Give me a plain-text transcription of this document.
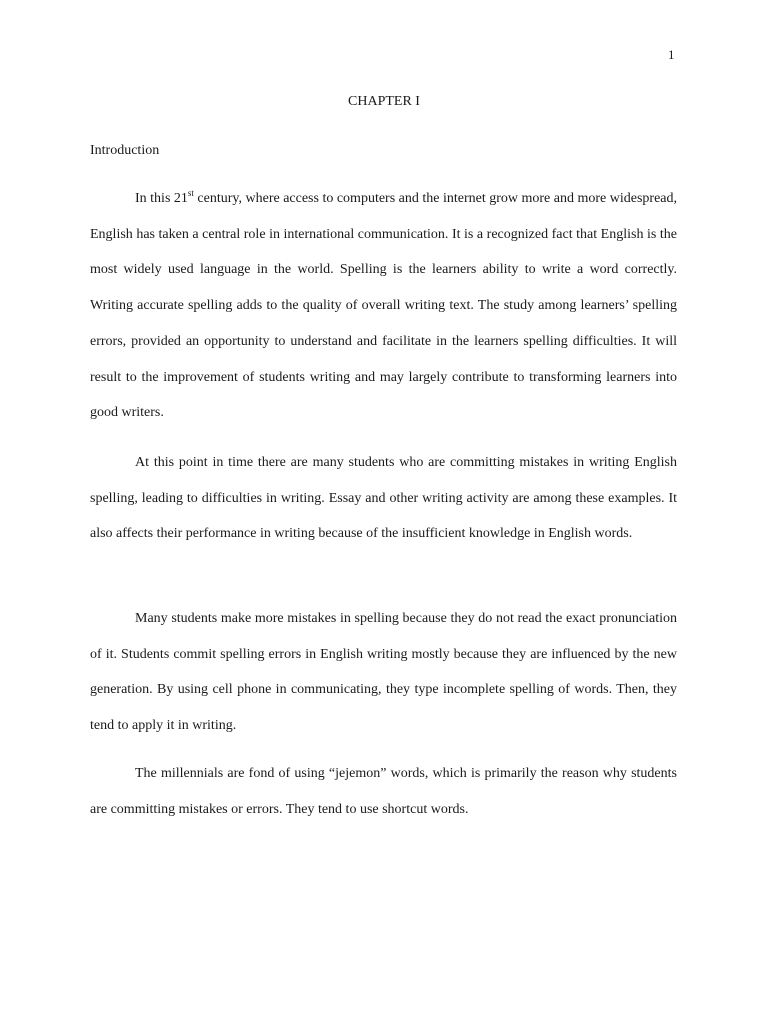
1
CHAPTER I
Introduction

In this 21st century, where access to computers and the internet grow more and more widespread, English has taken a central role in international communication. It is a recognized fact that English is the most widely used language in the world. Spelling is the learners ability to write a word correctly. Writing accurate spelling adds to the quality of overall writing text. The study among learners’ spelling errors, provided an opportunity to understand and facilitate in the learners spelling difficulties. It will result to the improvement of students writing and may largely contribute to transforming learners into good writers.

At this point in time there are many students who are committing mistakes in writing English spelling, leading to difficulties in writing. Essay and other writing activity are among these examples. It also affects their performance in writing because of the insufficient knowledge in English words.

Many students make more mistakes in spelling because they do not read the exact pronunciation of it. Students commit spelling errors in English writing mostly because they are influenced by the new generation. By using cell phone in communicating, they type incomplete spelling of words. Then, they tend to apply it in writing.

The millennials are fond of using “jejemon” words, which is primarily the reason why students are committing mistakes or errors. They tend to use shortcut words.
